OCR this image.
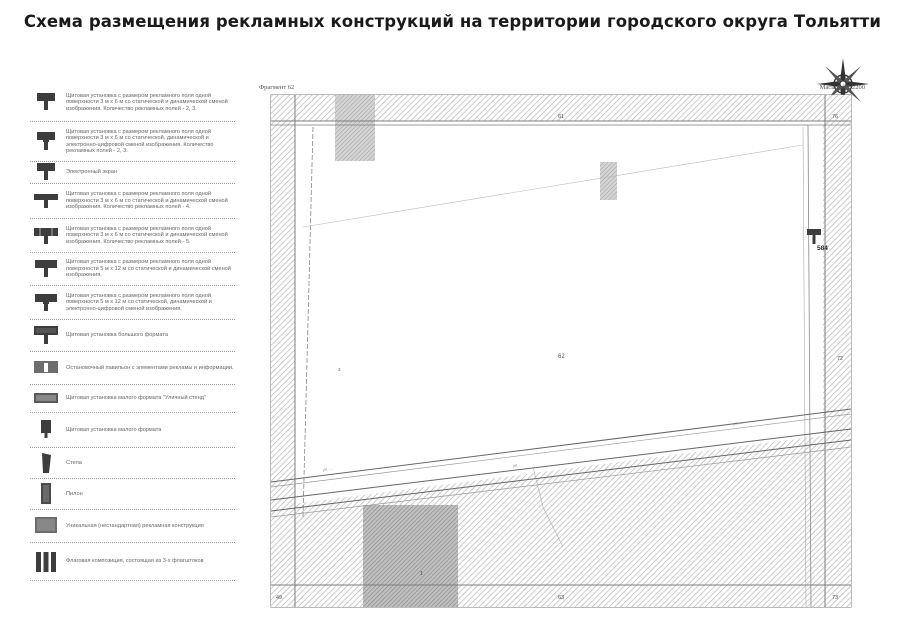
Схема размещения рекламных конструкций на территории городского округа Тольятти
Щитовая установка с размером рекламного поля одной поверхности 3 м х 6 м со статической и динамической сменой изображения. Количество рекламных полей - 2, 3.
Щитовая установка с размером рекламного поля одной поверхности 3 м х 6 м со статической, динамической и электронно-цифровой сменой изображения. Количество рекламных полей - 2, 3.
Электронный экран
Щитовая установка с размером рекламного поля одной поверхности 3 м х 6 м со статической и динамической сменой изображения. Количество рекламных полей - 4.
Щитовая установка с размером рекламного поля одной поверхности 3 м х 6 м со статической и динамической сменой изображения. Количество рекламных полей - 5.
Щитовая установка с размером рекламного поля одной поверхности 5 м х 12 м со статической и динамической сменой изображения.
Щитовая установка с размером рекламного поля одной поверхности 5 м х 12 м со статической, динамической и электронно-цифровой сменой изображения.
Щитовая установка большого формата
Остановочный павильон с элементами рекламы и информации.
Щитовая установка малого формата "Уличный стенд"
Щитовая установка малого формата
Стела
Пилон
Уникальная (нестандартная) рекламная конструкция
Флаговая композиция, состоящая из 3-х флагштоков
Фрагмент 62	Масштаб 1:2200
ул. ...
ул. ...
ул. ...
61	76
72
49	63	73
3
62
584
1
